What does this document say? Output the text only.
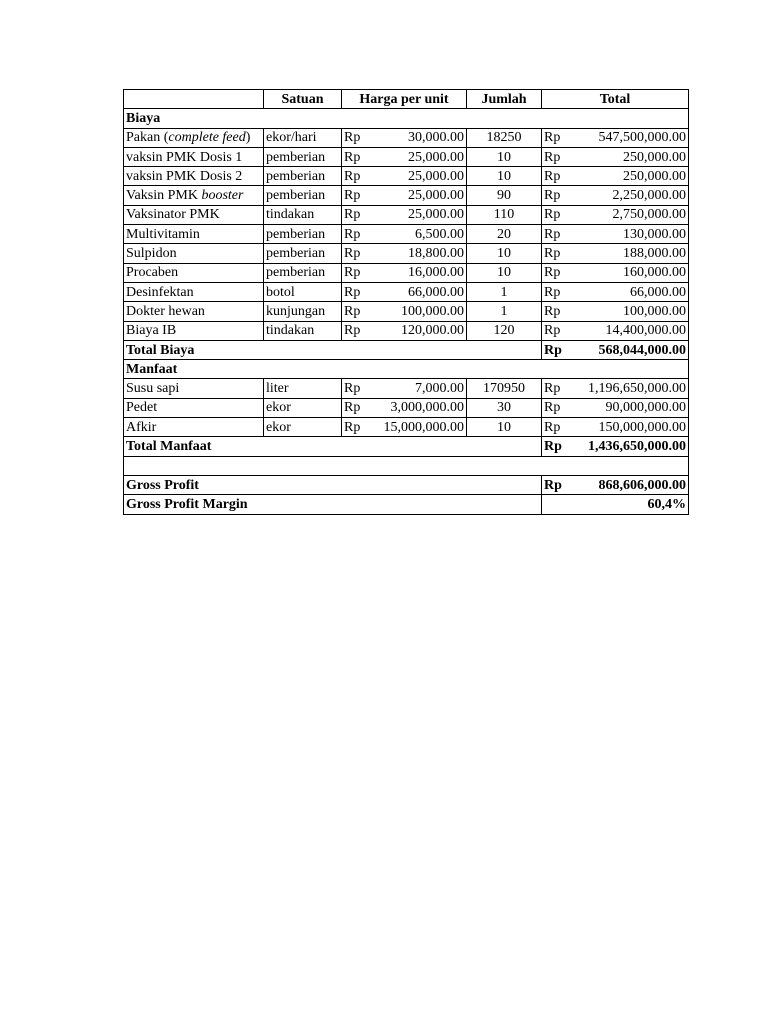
	Satuan	Harga per unit		Jumlah	Total	
Biaya						
Pakan (complete feed)	ekor/hari	Rp	30,000.00	18250	Rp	547,500,000.00
vaksin PMK Dosis 1	pemberian	Rp	25,000.00	10	Rp	250,000.00
vaksin PMK Dosis 2	pemberian	Rp	25,000.00	10	Rp	250,000.00
Vaksin PMK booster	pemberian	Rp	25,000.00	90	Rp	2,250,000.00
Vaksinator PMK	tindakan	Rp	25,000.00	110	Rp	2,750,000.00
Multivitamin	pemberian	Rp	6,500.00	20	Rp	130,000.00
Sulpidon	pemberian	Rp	18,800.00	10	Rp	188,000.00
Procaben	pemberian	Rp	16,000.00	10	Rp	160,000.00
Desinfektan	botol	Rp	66,000.00	1	Rp	66,000.00
Dokter hewan	kunjungan	Rp	100,000.00	1	Rp	100,000.00
Biaya IB	tindakan	Rp	120,000.00	120	Rp	14,400,000.00
Total Biaya					Rp	568,044,000.00
Manfaat						
Susu sapi	liter	Rp	7,000.00	170950	Rp	1,196,650,000.00
Pedet	ekor	Rp	3,000,000.00	30	Rp	90,000,000.00
Afkir	ekor	Rp	15,000,000.00	10	Rp	150,000,000.00
Total Manfaat					Rp	1,436,650,000.00

Gross Profit					Rp	868,606,000.00
Gross Profit Margin					60,4%	
